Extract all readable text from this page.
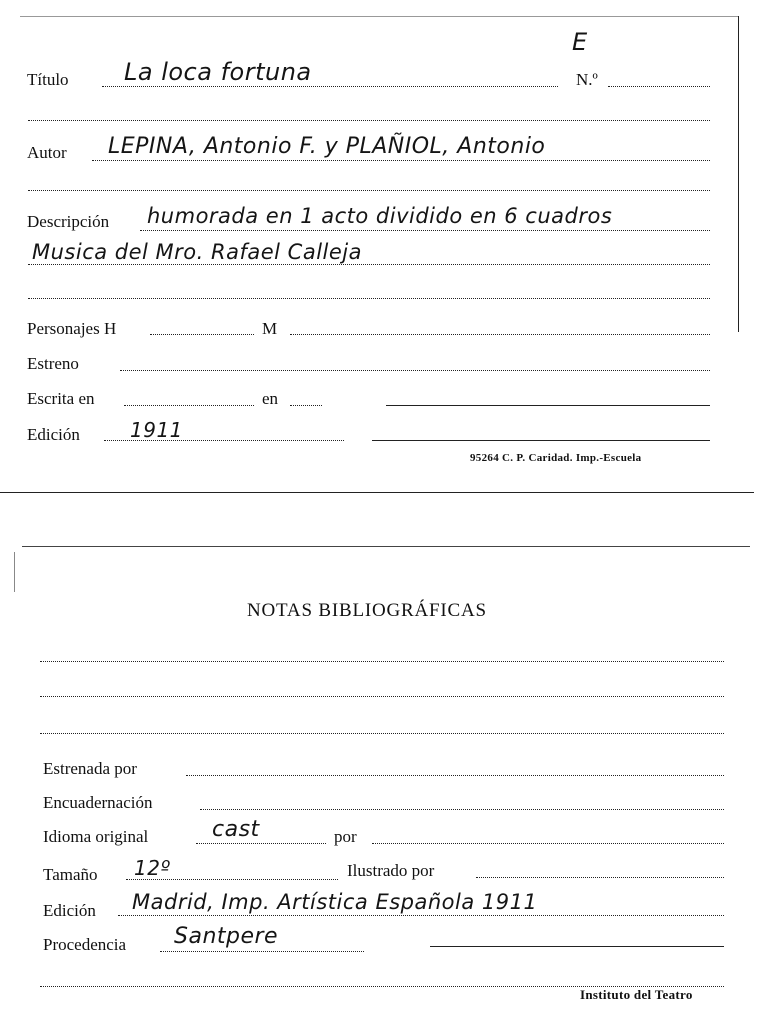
E
Título La loca fortuna	N.º
Autor LEPINA, Antonio F. y PLAÑIOL, Antonio
Descripción humorada en 1 acto dividido en 6 cuadros
Musica del Mro. Rafael Calleja
Personajes H	M
Estreno
Escrita en	en
Edición	1911
95264 C. P. Caridad. Imp.-Escuela
NOTAS BIBLIOGRÁFICAS
Estrenada por
Encuadernación
Idioma original	cast	por
Tamaño 12º	Ilustrado por
Edición Madrid, Imp. Artística Española 1911
Procedencia Santpere
Instituto del Teatro
